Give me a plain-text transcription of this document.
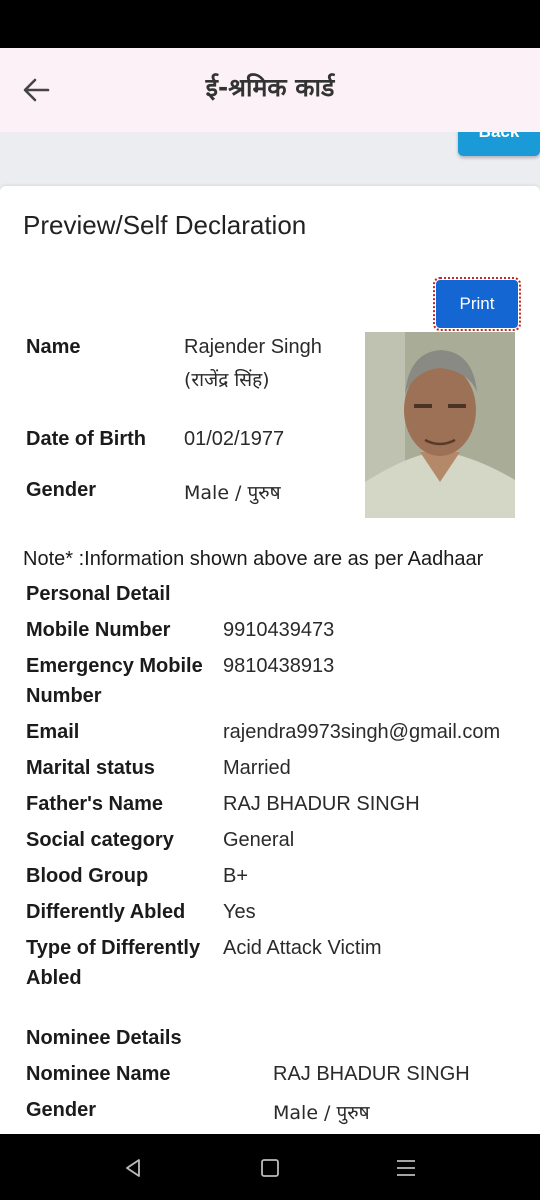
ई-श्रमिक कार्ड
Preview/Self Declaration
Print
Name	Rajender Singh
(राजेंद्र सिंह)
Date of Birth 01/02/1977
Gender	Male / पुरुष
Note* :Information shown above are as per Aadhaar
Personal Detail
Mobile Number	9910439473
Emergency Mobile
Number
9810438913
Email	rajendra9973singh@gmail.com
Marital status	Married
Father's Name	RAJ BHADUR SINGH
Social category General
Blood Group	B+
Differently Abled Yes
Type of Differently
Abled
Acid Attack Victim
Nominee Details
Nominee Name	RAJ BHADUR SINGH
Gender	Male / पुरुष
